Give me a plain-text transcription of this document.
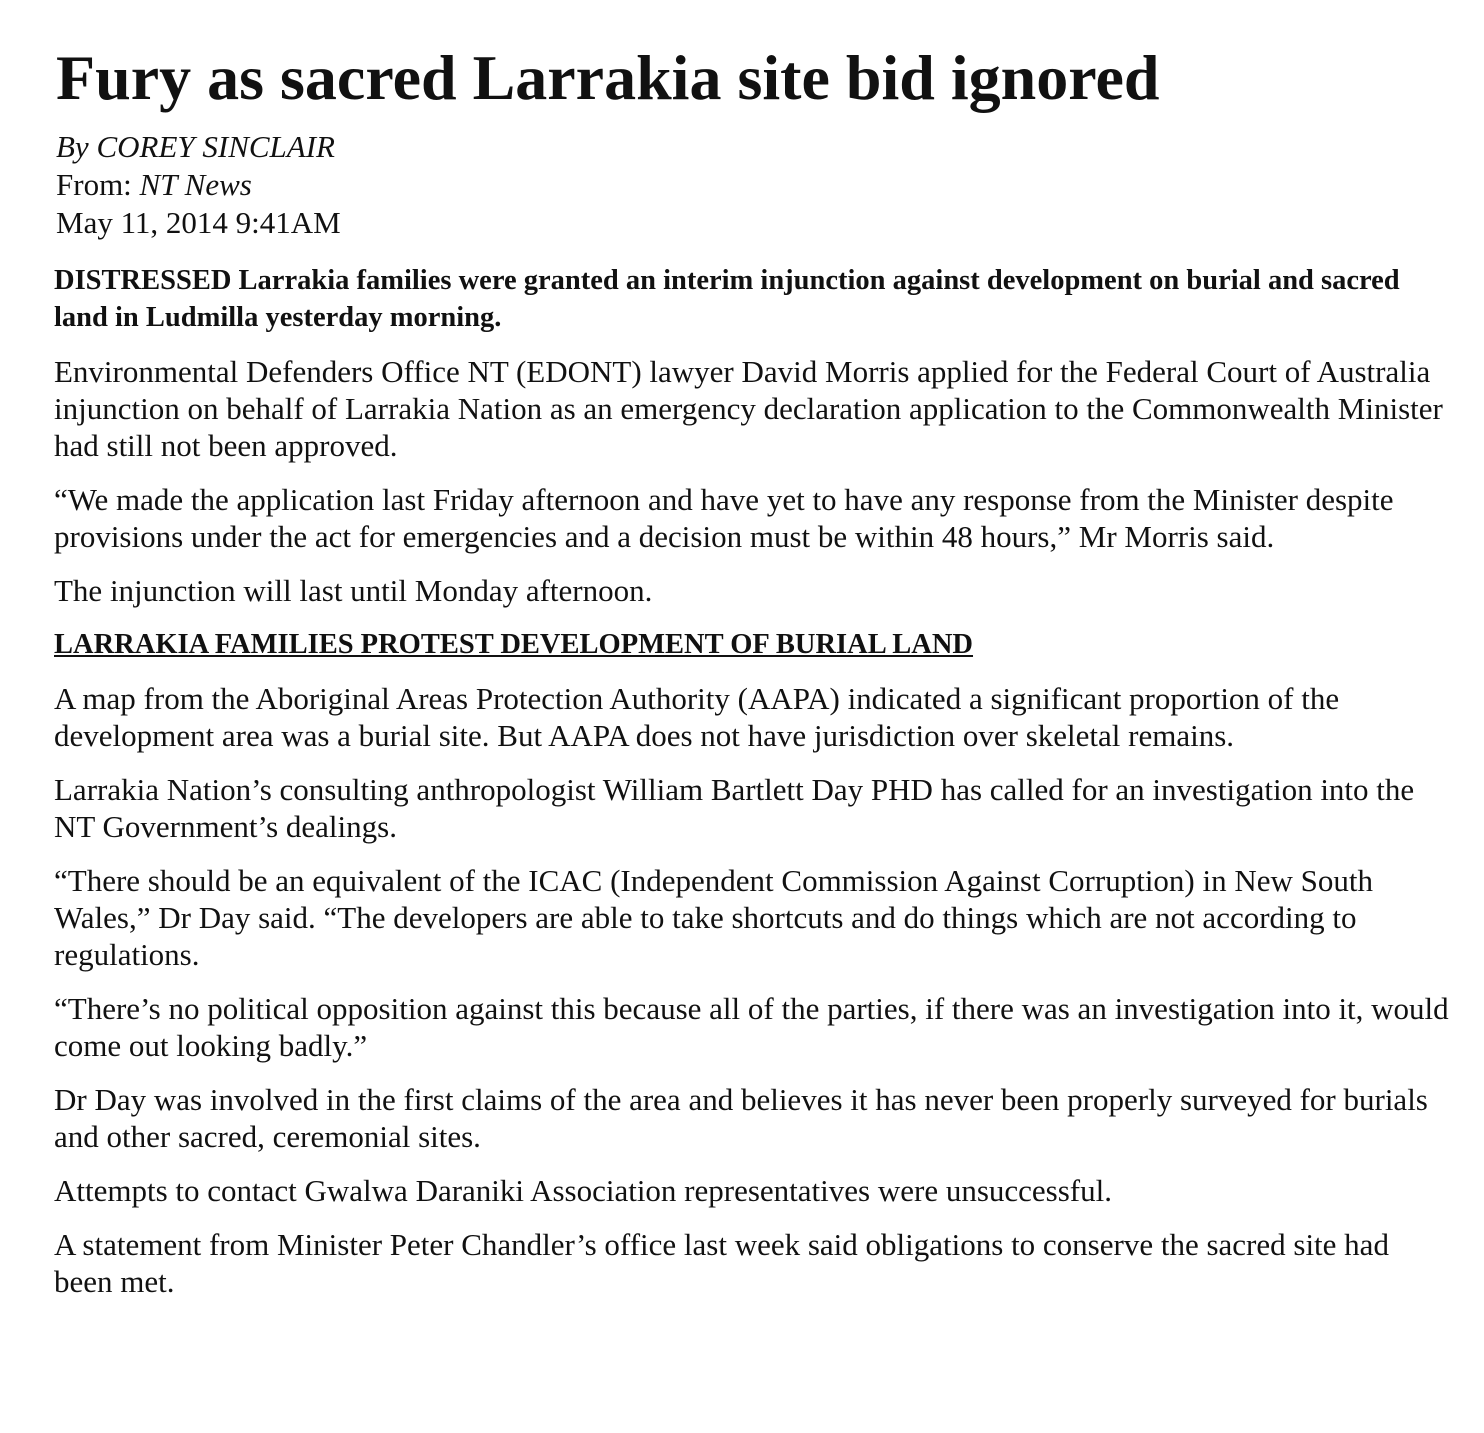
Fury as sacred Larrakia site bid ignored
By COREY SINCLAIR
From: NT News
May 11, 2014 9:41AM

DISTRESSED Larrakia families were granted an interim injunction against development on burial and sacred land in Ludmilla yesterday morning.

Environmental Defenders Office NT (EDONT) lawyer David Morris applied for the Federal Court of Australia injunction on behalf of Larrakia Nation as an emergency declaration application to the Commonwealth Minister had still not been approved.

“We made the application last Friday afternoon and have yet to have any response from the Minister despite provisions under the act for emergencies and a decision must be within 48 hours,” Mr Morris said.

The injunction will last until Monday afternoon.

LARRAKIA FAMILIES PROTEST DEVELOPMENT OF BURIAL LAND

A map from the Aboriginal Areas Protection Authority (AAPA) indicated a significant proportion of the development area was a burial site. But AAPA does not have jurisdiction over skeletal remains.

Larrakia Nation’s consulting anthropologist William Bartlett Day PHD has called for an investigation into the NT Government’s dealings.

“There should be an equivalent of the ICAC (Independent Commission Against Corruption) in New South Wales,” Dr Day said. “The developers are able to take shortcuts and do things which are not according to regulations.

“There’s no political opposition against this because all of the parties, if there was an investigation into it, would come out looking badly.”

Dr Day was involved in the first claims of the area and believes it has never been properly surveyed for burials and other sacred, ceremonial sites.

Attempts to contact Gwalwa Daraniki Association representatives were unsuccessful.

A statement from Minister Peter Chandler’s office last week said obligations to conserve the sacred site had been met.
